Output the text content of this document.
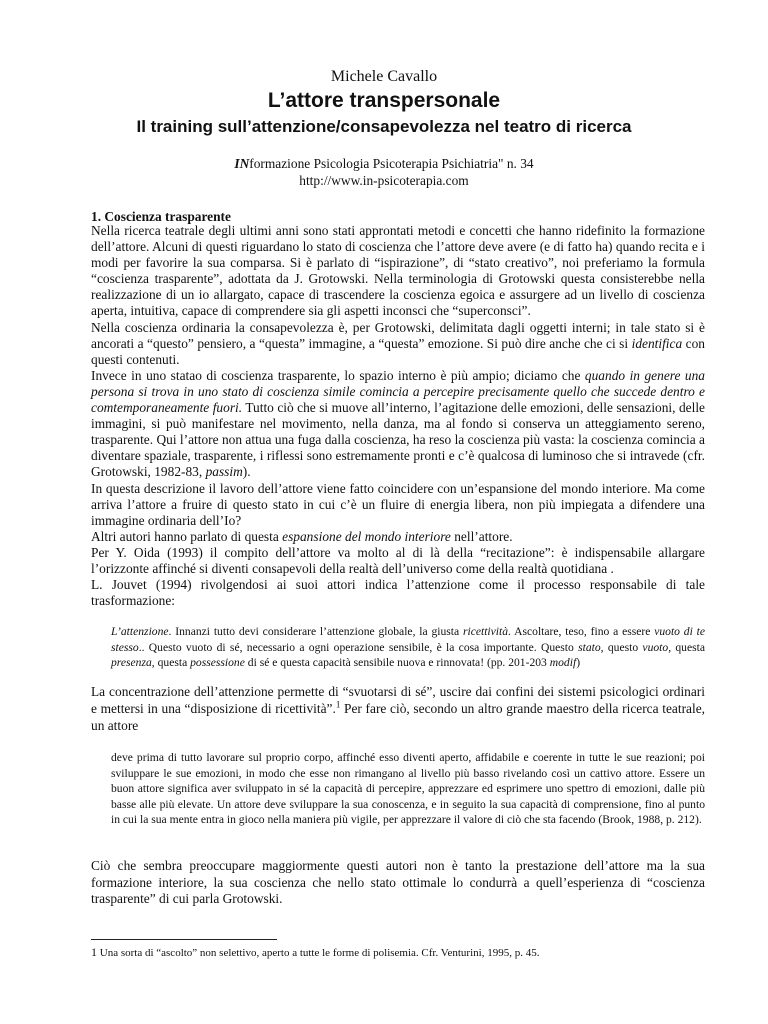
Michele Cavallo
L’attore transpersonale
Il training sull’attenzione/consapevolezza nel teatro di ricerca
INformazione Psicologia Psicoterapia Psichiatria" n. 34
http://www.in-psicoterapia.com
1. Coscienza trasparente

Nella ricerca teatrale degli ultimi anni sono stati approntati metodi e concetti che hanno ridefinito la formazione dell’attore. Alcuni di questi riguardano lo stato di coscienza che l’attore deve avere (e di fatto ha) quando recita e i modi per favorire la sua comparsa. Si è parlato di “ispirazione”, di “stato creativo”, noi preferiamo la formula “coscienza trasparente”, adottata da J. Grotowski. Nella terminologia di Grotowski questa consisterebbe nella realizzazione di un io allargato, capace di trascendere la coscienza egoica e assurgere ad un livello di coscienza aperta, intuitiva, capace di comprendere sia gli aspetti inconsci che “superconsci”.

Nella coscienza ordinaria la consapevolezza è, per Grotowski, delimitata dagli oggetti interni; in tale stato si è ancorati a “questo” pensiero, a “questa” immagine, a “questa” emozione. Si può dire anche che ci si identifica con questi contenuti.

Invece in uno statao di coscienza trasparente, lo spazio interno è più ampio; diciamo che quando in genere una persona si trova in uno stato di coscienza simile comincia a percepire precisamente quello che succede dentro e comtemporaneamente fuori. Tutto ciò che si muove all’interno, l’agitazione delle emozioni, delle sensazioni, delle immagini, si può manifestare nel movimento, nella danza, ma al fondo si conserva un atteggiamento sereno, trasparente. Qui l’attore non attua una fuga dalla coscienza, ha reso la coscienza più vasta: la coscienza comincia a diventare spaziale, trasparente, i riflessi sono estremamente pronti e c’è qualcosa di luminoso che si intravede (cfr. Grotowski, 1982-83, passim).

In questa descrizione il lavoro dell’attore viene fatto coincidere con un’espansione del mondo interiore. Ma come arriva l’attore a fruire di questo stato in cui c’è un fluire di energia libera, non più impiegata a difendere una immagine ordinaria dell’Io?

Altri autori hanno parlato di questa espansione del mondo interiore nell’attore.

Per Y. Oida (1993) il compito dell’attore va molto al di là della “recitazione”: è indispensabile allargare l’orizzonte affinché si diventi consapevoli della realtà dell’universo come della realtà quotidiana .

L. Jouvet (1994) rivolgendosi ai suoi attori indica l’attenzione come il processo responsabile di tale trasformazione:

L’attenzione. Innanzi tutto devi considerare l’attenzione globale, la giusta ricettività. Ascoltare, teso, fino a essere vuoto di te stesso.. Questo vuoto di sé, necessario a ogni operazione sensibile, è la cosa importante. Questo stato, questo vuoto, questa presenza, questa possessione di sé e questa capacità sensibile nuova e rinnovata! (pp. 201-203 modif)
La concentrazione dell’attenzione permette di “svuotarsi di sé”, uscire dai confini dei sistemi psicologici ordinari e mettersi in una “disposizione di ricettività”.$^1$ Per fare ciò, secondo un altro grande maestro della ricerca teatrale, un attore
deve prima di tutto lavorare sul proprio corpo, affinché esso diventi aperto, affidabile e coerente in tutte le sue reazioni; poi sviluppare le sue emozioni, in modo che esse non rimangano al livello più basso rivelando così un cattivo attore. Essere un buon attore significa aver sviluppato in sé la capacità di percepire, apprezzare ed esprimere uno spettro di emozioni, dalle più basse alle più elevate. Un attore deve sviluppare la sua conoscenza, e in seguito la sua capacità di comprensione, fino al punto in cui la sua mente entra in gioco nella maniera più vigile, per apprezzare il valore di ciò che sta facendo (Brook, 1988, p. 212).
Ciò che sembra preoccupare maggiormente questi autori non è tanto la prestazione dell’attore ma la sua formazione interiore, la sua coscienza che nello stato ottimale lo condurrà a quell’esperienza di “coscienza trasparente” di cui parla Grotowski.
1 Una sorta di “ascolto” non selettivo, aperto a tutte le forme di polisemia. Cfr. Venturini, 1995, p. 45.
